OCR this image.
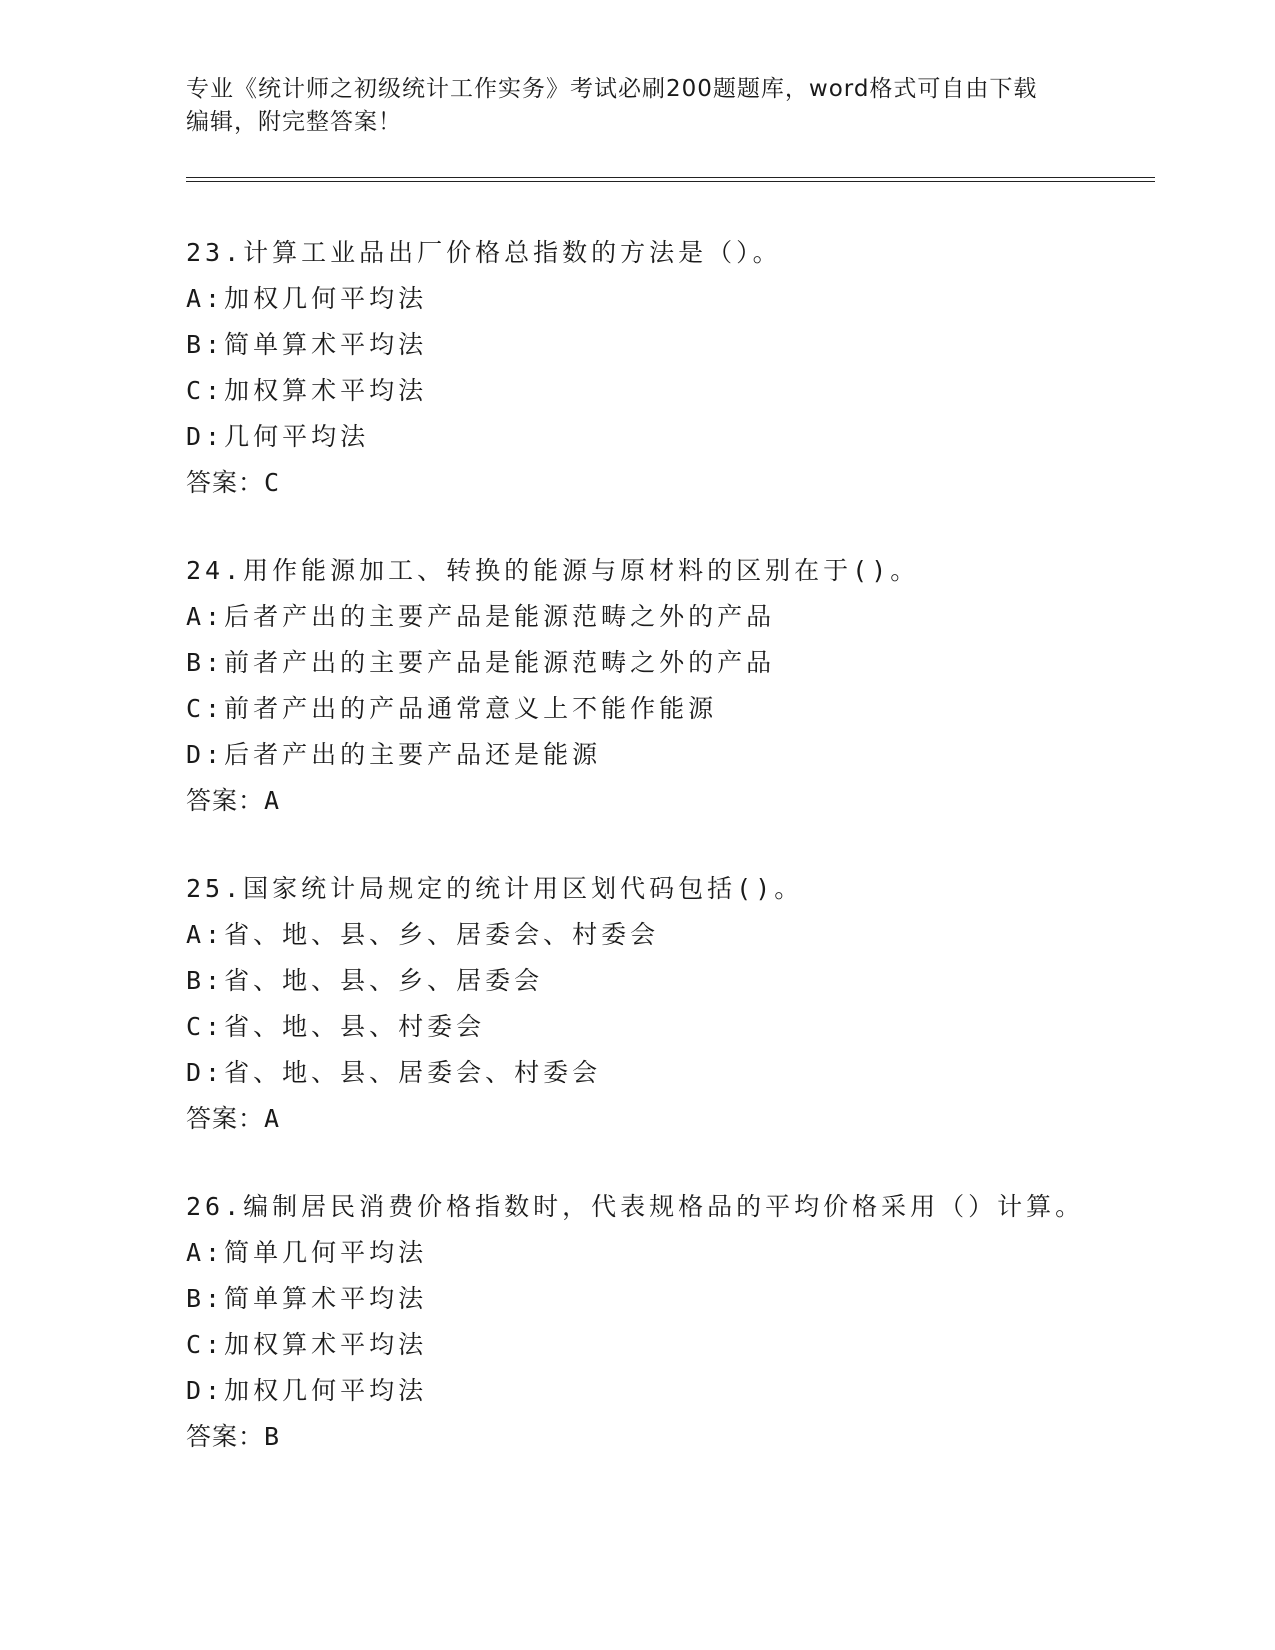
专业《统计师之初级统计工作实务》考试必刷200题题库，word格式可自由下载
编辑，附完整答案！
23.计算工业品出厂价格总指数的方法是（）。
A:加权几何平均法
B:简单算术平均法
C:加权算术平均法
D:几何平均法
答案：C
24.用作能源加工、转换的能源与原材料的区别在于()。
A:后者产出的主要产品是能源范畴之外的产品
B:前者产出的主要产品是能源范畴之外的产品
C:前者产出的产品通常意义上不能作能源
D:后者产出的主要产品还是能源
答案：A
25.国家统计局规定的统计用区划代码包括()。
A:省、地、县、乡、居委会、村委会
B:省、地、县、乡、居委会
C:省、地、县、村委会
D:省、地、县、居委会、村委会
答案：A
26.编制居民消费价格指数时，代表规格品的平均价格采用（）计算。
A:简单几何平均法
B:简单算术平均法
C:加权算术平均法
D:加权几何平均法
答案：B
